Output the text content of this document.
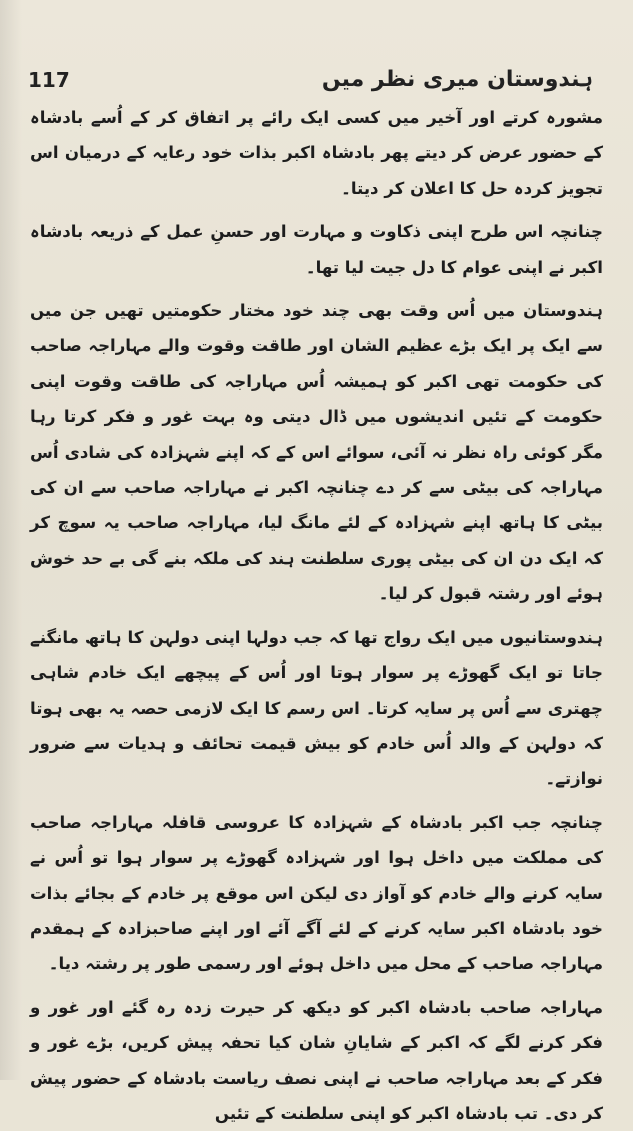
117	ہندوستان میری نظر میں

مشورہ کرتے اور آخیر میں کسی ایک رائے پر اتفاق کر کے اُسے بادشاہ کے حضور عرض کر دیتے پھر بادشاہ اکبر بذات خود رعایہ کے درمیان اس تجویز کردہ حل کا اعلان کر دیتا۔

چنانچہ اس طرح اپنی ذکاوت و مہارت اور حسنِ عمل کے ذریعہ بادشاہ اکبر نے اپنی عوام کا دل جیت لیا تھا۔

ہندوستان میں اُس وقت بھی چند خود مختار حکومتیں تھیں جن میں سے ایک پر ایک بڑے عظیم الشان اور طاقت وقوت والے مہاراجہ صاحب کی حکومت تھی اکبر کو ہمیشہ اُس مہاراجہ کی طاقت وقوت اپنی حکومت کے تئیں اندیشوں میں ڈال دیتی وہ بہت غور و فکر کرتا رہا مگر کوئی راہ نظر نہ آئی، سوائے اس کے کہ اپنے شہزادہ کی شادی اُس مہاراجہ کی بیٹی سے کر دے چنانچہ اکبر نے مہاراجہ صاحب سے ان کی بیٹی کا ہاتھ اپنے شہزادہ کے لئے مانگ لیا، مہاراجہ صاحب یہ سوچ کر کہ ایک دن ان کی بیٹی پوری سلطنت ہند کی ملکہ بنے گی بے حد خوش ہوئے اور رشتہ قبول کر لیا۔

ہندوستانیوں میں ایک رواج تھا کہ جب دولہا اپنی دولہن کا ہاتھ مانگنے جاتا تو ایک گھوڑے پر سوار ہوتا اور اُس کے پیچھے ایک خادم شاہی چھتری سے اُس پر سایہ کرتا۔ اس رسم کا ایک لازمی حصہ یہ بھی ہوتا کہ دولہن کے والد اُس خادم کو بیش قیمت تحائف و ہدیات سے ضرور نوازتے۔

چنانچہ جب اکبر بادشاہ کے شہزادہ کا عروسی قافلہ مہاراجہ صاحب کی مملکت میں داخل ہوا اور شہزادہ گھوڑے پر سوار ہوا تو اُس نے سایہ کرنے والے خادم کو آواز دی لیکن اس موقع پر خادم کے بجائے بذات خود بادشاہ اکبر سایہ کرنے کے لئے آگے آئے اور اپنے صاحبزادہ کے ہمقدم مہاراجہ صاحب کے محل میں داخل ہوئے اور رسمی طور پر رشتہ دیا۔

مہاراجہ صاحب بادشاہ اکبر کو دیکھ کر حیرت زدہ رہ گئے اور غور و فکر کرنے لگے کہ اکبر کے شایانِ شان کیا تحفہ پیش کریں، بڑے غور و فکر کے بعد مہاراجہ صاحب نے اپنی نصف ریاست بادشاہ کے حضور پیش کر دی۔ تب بادشاہ اکبر کو اپنی سلطنت کے تئیں
